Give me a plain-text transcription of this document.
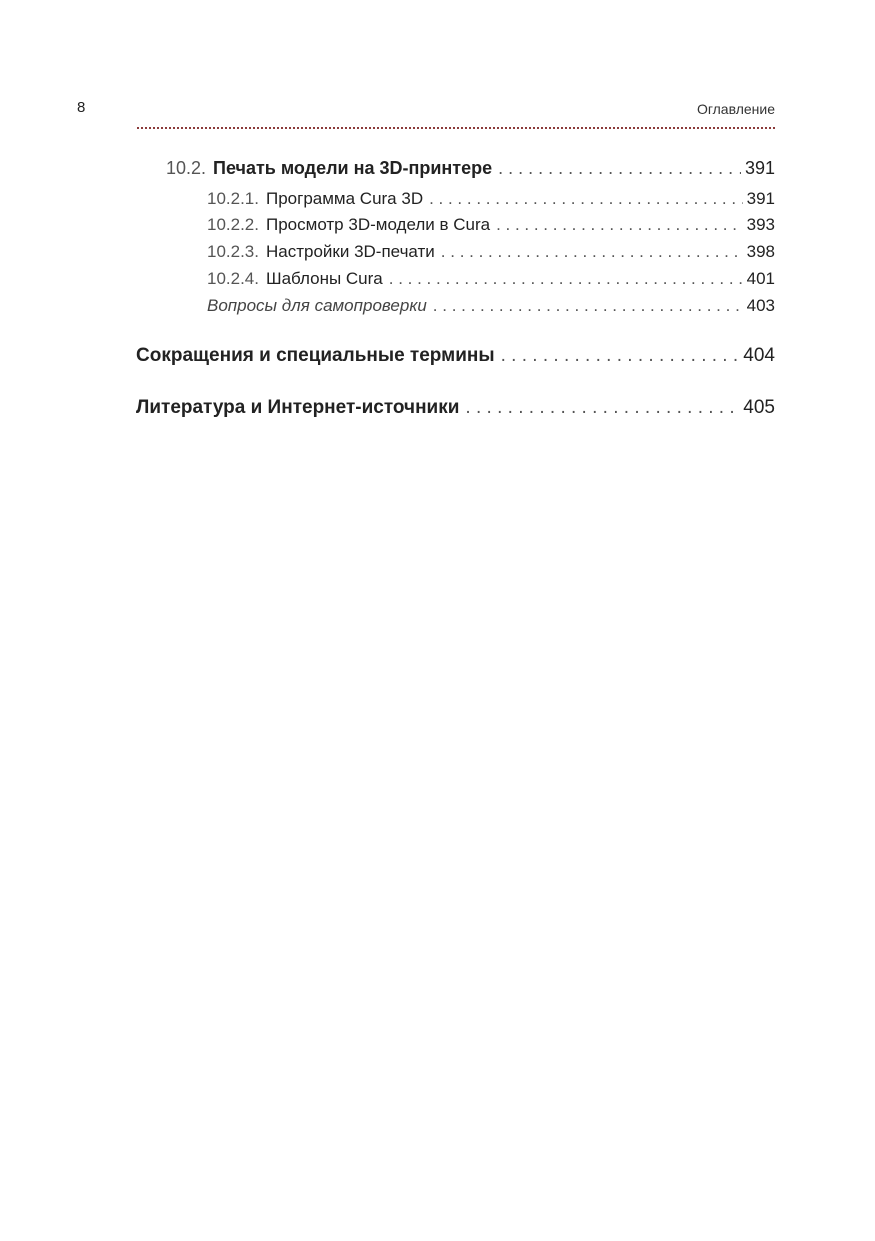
8	Оглавление
10.2. Печать модели на 3D-принтере . . .	391
10.2.1. Программа Cura 3D . . .	391
10.2.2. Просмотр 3D-модели в Cura . . .	393
10.2.3. Настройки 3D-печати . . .	398
10.2.4. Шаблоны Cura . . .	401
Вопросы для самопроверки . . .	403
Сокращения и специальные термины . . .	404
Литература и Интернет-источники . . .	405
